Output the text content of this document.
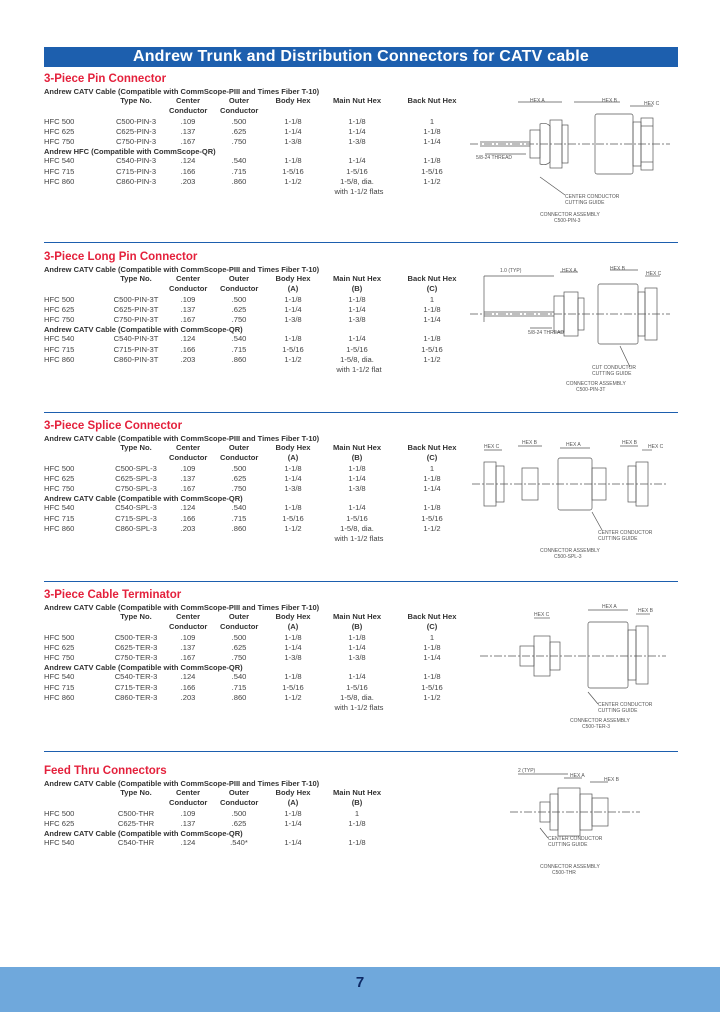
Andrew Trunk and Distribution Connectors for CATV cable
3-Piece Pin Connector
Andrew CATV Cable (Compatible with CommScope-PIII and Times Fiber T-10)
Type No.	Center	Outer	Body Hex	Main Nut Hex	Back Nut Hex
Conductor Conductor
HFC 500	C500-PIN-3	.109	.500	1-1/8	1-1/8	1
HFC 625	C625-PIN-3	.137	.625	1-1/4	1-1/4	1-1/8
HFC 750	C750-PIN-3	.167	.750	1-3/8	1-3/8	1-1/4
Andrew HFC (Compatible with CommScope-QR)
HFC 540	C540-PIN-3	.124	.540	1-1/8	1-1/4	1-1/8
HFC 715	C715-PIN-3	.166	.715	1-5/16	1-5/16	1-5/16
HFC 860	C860-PIN-3	.203	.860	1-1/2	1-5/8, dia.	1-1/2
with 1-1/2 flats
HEX A	HEX B	HEX C
5/8-24 THREAD
CENTER CONDUCTOR
CUTTING GUIDE
CONNECTOR ASSEMBLY
C500-PIN-3
3-Piece Long Pin Connector
Andrew CATV Cable (Compatible with CommScope-PIII and Times Fiber T-10)
Type No.	Center	Outer	Body Hex	Main Nut Hex	Back Nut Hex
Conductor Conductor	(A)	(B)	(C)
HFC 500	C500-PIN-3T	.109	.500	1-1/8	1-1/8	1
HFC 625	C625-PIN-3T	.137	.625	1-1/4	1-1/4	1-1/8
HFC 750	C750-PIN-3T	.167	.750	1-3/8	1-3/8	1-1/4
Andrew CATV Cable (Compatible with CommScope-QR)
HFC 540	C540-PIN-3T	.124	.540	1-1/8	1-1/4	1-1/8
HFC 715	C715-PIN-3T	.166	.715	1-5/16	1-5/16	1-5/16
HFC 860	C860-PIN-3T	.203	.860	1-1/2	1-5/8, dia.	1-1/2
with 1-1/2 flat
1.0 (TYP)	HEX A	HEX B
HEX C
5/8-24 THREAD
CUT CONDUCTOR
CUTTING GUIDE
CONNECTOR ASSEMBLY
C500-PIN-3T
3-Piece Splice Connector
Andrew CATV Cable (Compatible with CommScope-PIII and Times Fiber T-10)
Type No.	Center	Outer	Body Hex	Main Nut Hex	Back Nut Hex
Conductor Conductor	(A)	(B)	(C)
HFC 500	C500-SPL-3	.109	.500	1-1/8	1-1/8	1
HFC 625	C625-SPL-3	.137	.625	1-1/4	1-1/4	1-1/8
HFC 750	C750-SPL-3	.167	.750	1-3/8	1-3/8	1-1/4
Andrew CATV Cable (Compatible with CommScope-QR)
HFC 540	C540-SPL-3	.124	.540	1-1/8	1-1/4	1-1/8
HFC 715	C715-SPL-3	.166	.715	1-5/16	1-5/16	1-5/16
HFC 860	C860-SPL-3	.203	.860	1-1/2	1-5/8, dia.	1-1/2
with 1-1/2 flats
HEX C
HEX B	HEX A	HEX B
HEX C
CENTER CONDUCTOR
CUTTING GUIDE
CONNECTOR ASSEMBLY
C500-SPL-3
3-Piece Cable Terminator
Andrew CATV Cable (Compatible with CommScope-PIII and Times Fiber T-10)
Type No.	Center	Outer	Body Hex	Main Nut Hex	Back Nut Hex
Conductor Conductor	(A)	(B)	(C)
HFC 500	C500-TER-3	.109	.500	1-1/8	1-1/8	1
HFC 625	C625-TER-3	.137	.625	1-1/4	1-1/4	1-1/8
HFC 750	C750-TER-3	.167	.750	1-3/8	1-3/8	1-1/4
Andrew CATV Cable (Compatible with CommScope-QR)
HFC 540	C540-TER-3	.124	.540	1-1/8	1-1/4	1-1/8
HFC 715	C715-TER-3	.166	.715	1-5/16	1-5/16	1-5/16
HFC 860	C860-TER-3	.203	.860	1-1/2	1-5/8, dia.	1-1/2
with 1-1/2 flats
HEX C
HEX A
HEX B
CENTER CONDUCTOR
CUTTING GUIDE
CONNECTOR ASSEMBLY
C500-TER-3
Feed Thru Connectors
Andrew CATV Cable (Compatible with CommScope-PIII and Times Fiber T-10)
Type No.	Center	Outer	Body Hex	Main Nut Hex
Conductor Conductor	(A)	(B)
HFC 500	C500-THR	.109	.500	1-1/8	1
HFC 625	C625-THR	.137	.625	1-1/4	1-1/8
Andrew CATV Cable (Compatible with CommScope-QR)
HFC 540	C540-THR	.124	.540*	1-1/4	1-1/8
2 (TYP)
HEX A
HEX B
CENTER CONDUCTOR
CUTTING GUIDE
CONNECTOR ASSEMBLY
C500-THR
7
